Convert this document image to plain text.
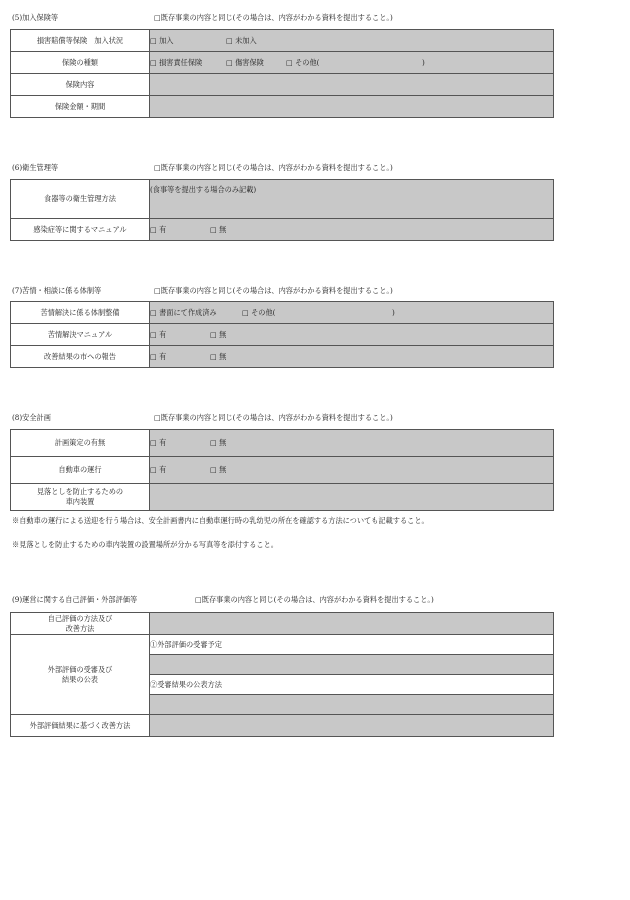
(5)加入保険等	□既存事業の内容と同じ(その場合は、内容がわかる資料を提出すること。)
損害賠償等保険　加入状況	□ 加入 □ 未加入
保険の種類	□ 損害責任保険 □ 傷害保険 □ その他( )
保険内容	
保険金額・期間	
(6)衛生管理等	□既存事業の内容と同じ(その場合は、内容がわかる資料を提出すること。)
食器等の衛生管理方法	(食事等を提出する場合のみ記載)
感染症等に関するマニュアル	□ 有 □ 無
(7)苦情・相談に係る体制等	□既存事業の内容と同じ(その場合は、内容がわかる資料を提出すること。)
苦情解決に係る体制整備	□ 書面にて作成済み □ その他( )
苦情解決マニュアル	□ 有 □ 無
改善結果の市への報告	□ 有 □ 無
(8)安全計画	□既存事業の内容と同じ(その場合は、内容がわかる資料を提出すること。)
計画策定の有無	□ 有 □ 無
自動車の運行	□ 有 □ 無

見落としを防止するための
車内装置	

※自動車の運行による送迎を行う場合は、安全計画書内に自動車運行時の乳幼児の所在を確認する方法についても記載すること。
※見落としを防止するための車内装置の設置場所が分かる写真等を添付すること。
(9)運営に関する自己評価・外部評価等	□既存事業の内容と同じ(その場合は、内容がわかる資料を提出すること。)
自己評価の方法及び
改善方法	

外部評価の受審及び
結果の公表	①外部評価の受審予定

	②受審結果の公表方法

外部評価結果に基づく改善方法	
